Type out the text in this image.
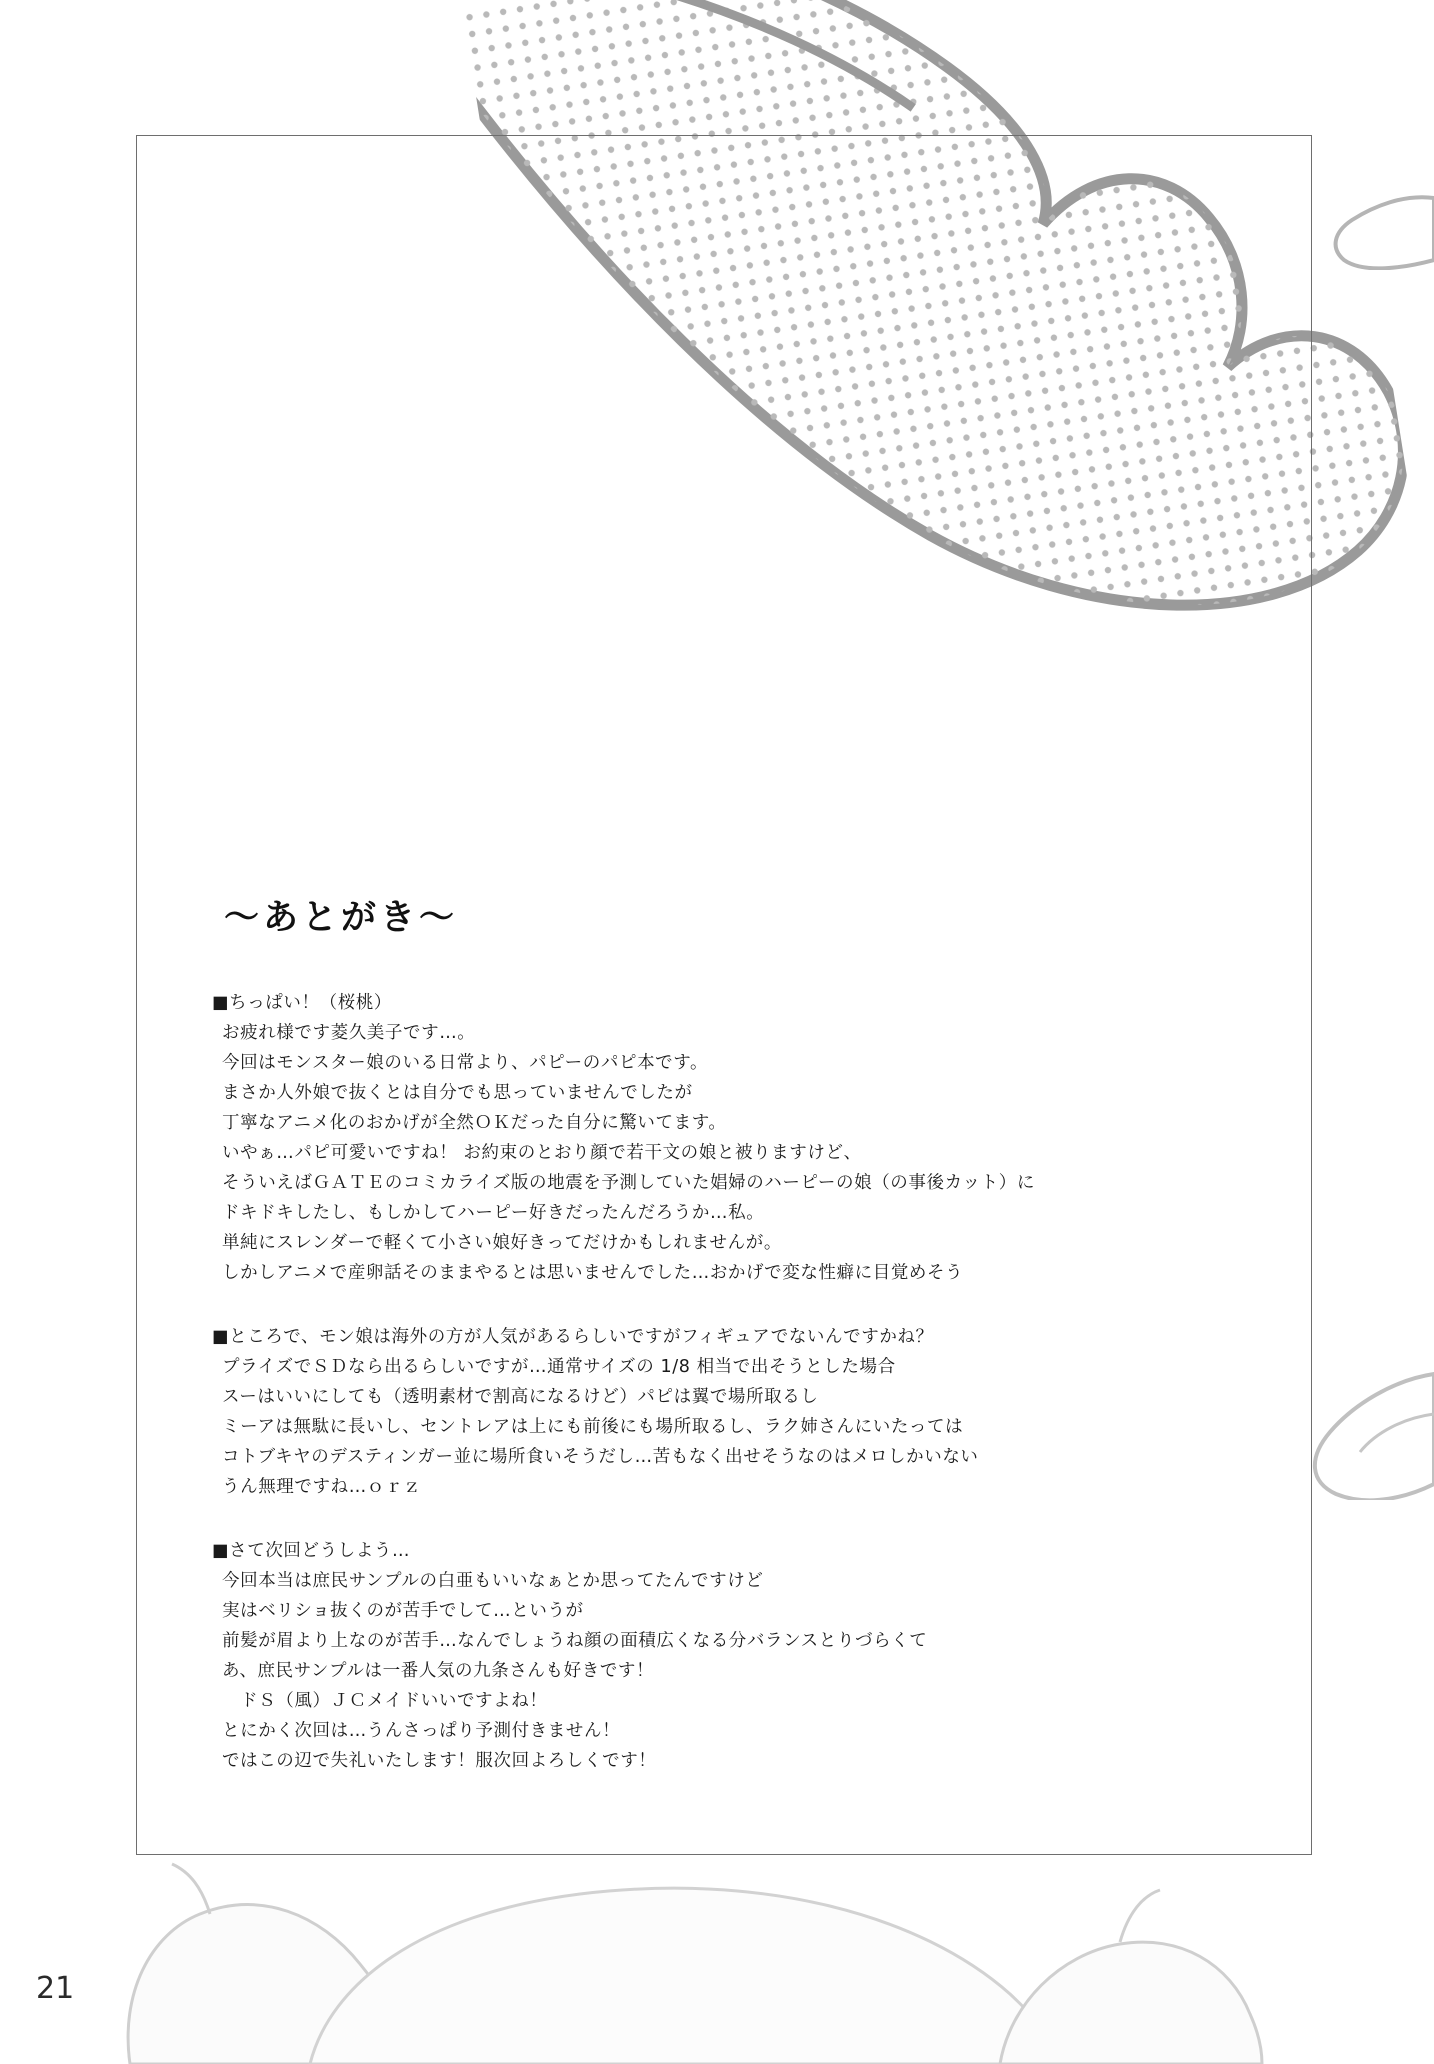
～あとがき～
■ちっぱい！（桜桃）
お疲れ様です菱久美子です…。
今回はモンスター娘のいる日常より、パピーのパピ本です。
まさか人外娘で抜くとは自分でも思っていませんでしたが
丁寧なアニメ化のおかげが全然ＯＫだった自分に驚いてます。
いやぁ…パピ可愛いですね！ お約束のとおり顔で若干文の娘と被りますけど、
そういえばＧＡＴＥのコミカライズ版の地震を予測していた娼婦のハーピーの娘（の事後カット）に
ドキドキしたし、もしかしてハーピー好きだったんだろうか…私。
単純にスレンダーで軽くて小さい娘好きってだけかもしれませんが。
しかしアニメで産卵話そのままやるとは思いませんでした…おかげで変な性癖に目覚めそう
■ところで、モン娘は海外の方が人気があるらしいですがフィギュアでないんですかね？
プライズでＳＤなら出るらしいですが…通常サイズの 1/8 相当で出そうとした場合
スーはいいにしても（透明素材で割高になるけど）パピは翼で場所取るし
ミーアは無駄に長いし、セントレアは上にも前後にも場所取るし、ラク姉さんにいたっては
コトブキヤのデスティンガー並に場所食いそうだし…苦もなく出せそうなのはメロしかいない
うん無理ですね…ｏｒｚ
■さて次回どうしよう…
今回本当は庶民サンプルの白亜もいいなぁとか思ってたんですけど
実はベリショ抜くのが苦手でして…というが
前髪が眉より上なのが苦手…なんでしょうね顔の面積広くなる分バランスとりづらくて
あ、庶民サンプルは一番人気の九条さんも好きです！
　ドＳ（風）ＪＣメイドいいですよね！
とにかく次回は…うんさっぱり予測付きません！
ではこの辺で失礼いたします！服次回よろしくです！
21
